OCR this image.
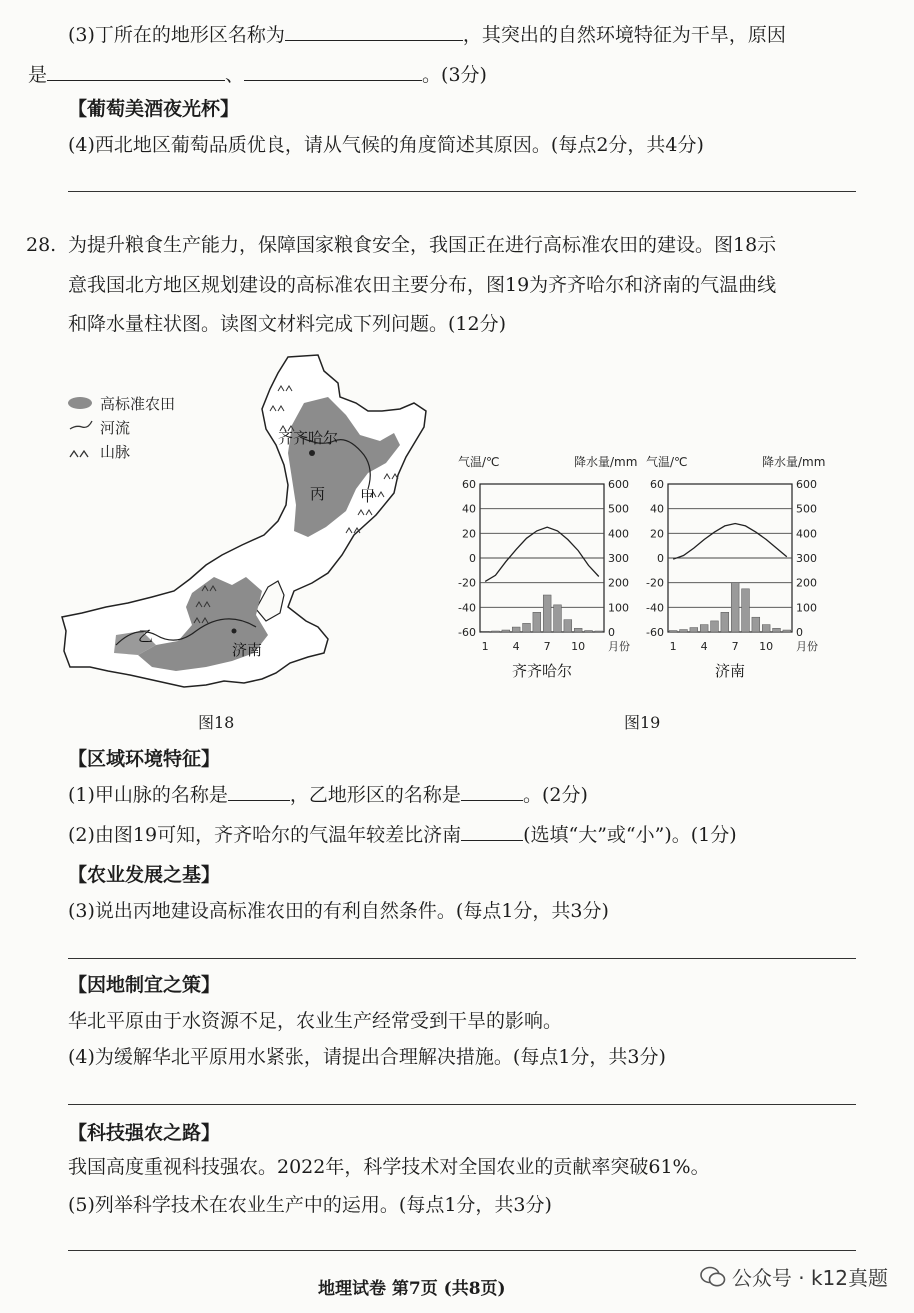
(3)丁所在的地形区名称为	，其突出的自然环境特征为干旱，原因
是	、	。(3分)
【葡萄美酒夜光杯】
(4)西北地区葡萄品质优良，请从气候的角度简述其原因。(每点2分，共4分)
28. 为提升粮食生产能力，保障国家粮食安全，我国正在进行高标准农田的建设。图18示
意我国北方地区规划建设的高标准农田主要分布，图19为齐齐哈尔和济南的气温曲线
和降水量柱状图。读图文材料完成下列问题。(12分)
高标准农田
河流
山脉
齐齐哈尔
丙 甲
乙
济南
图18
气温/℃	降水量/mm
60	600
40	500
20	400
0	300
-20	200
-40	100
-60	0
1 4 7 10 月份
齐齐哈尔
气温/℃	降水量/mm
60	600
40	500
20	400
0	300
-20	200
-40	100
-60	0
1 4 7 10 月份
济南
图19
【区域环境特征】
(1)甲山脉的名称是	，乙地形区的名称是	。(2分)
(2)由图19可知，齐齐哈尔的气温年较差比济南	(选填“大”或“小”)。(1分)
【农业发展之基】
(3)说出丙地建设高标准农田的有利自然条件。(每点1分，共3分)
【因地制宜之策】
华北平原由于水资源不足，农业生产经常受到干旱的影响。
(4)为缓解华北平原用水紧张，请提出合理解决措施。(每点1分，共3分)
【科技强农之路】
我国高度重视科技强农。2022年，科学技术对全国农业的贡献率突破61%。
(5)列举科学技术在农业生产中的运用。(每点1分，共3分)
地理试卷 第7页 (共8页)	公众号 · k12真题
